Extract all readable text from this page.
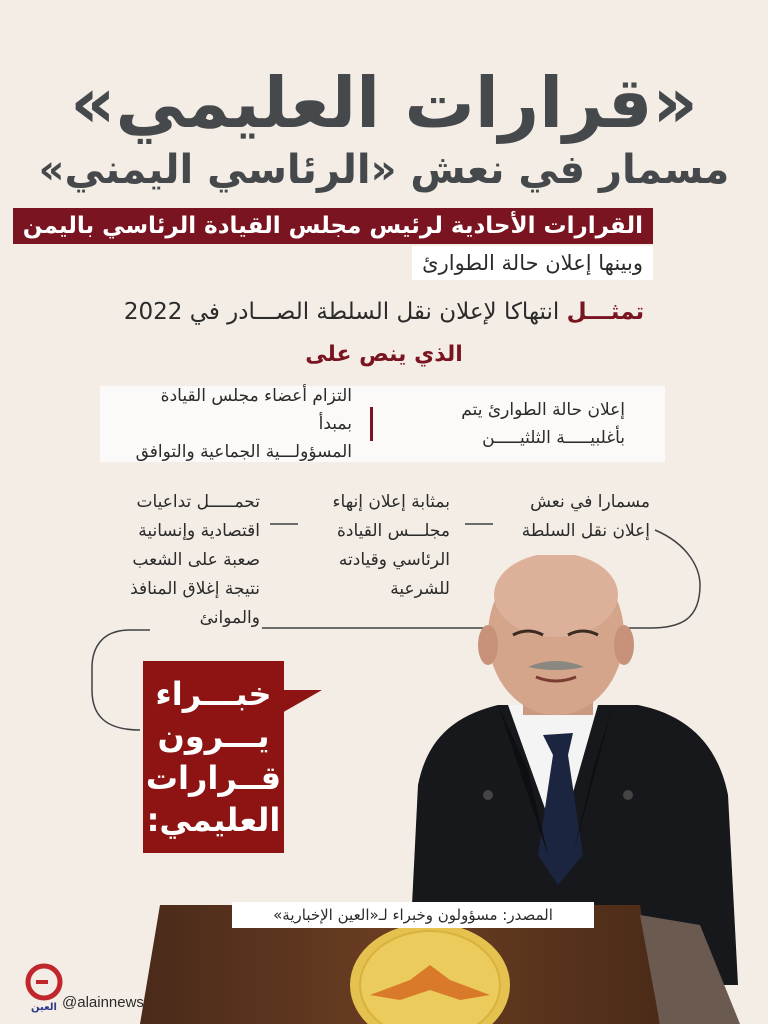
«قرارات العليمي»
مسمار في نعش «الرئاسي اليمني»
القرارات الأحادية لرئيس مجلس القيادة الرئاسي باليمن
وبينها إعلان حالة الطوارئ
تمثـــل انتهاكا لإعلان نقل السلطة الصـــادر في 2022
الذي ينص على
إعلان حالة الطوارئ يتم
بأغلبيـــــة الثلثيـــــن
التزام أعضاء مجلس القيادة بمبدأ
المسؤولـــية الجماعية والتوافق
مسمارا في نعش
إعلان نقل السلطة
بمثابة إعلان إنهاء
مجلـــس القيادة
الرئاسي وقيادته
للشرعية
تحمـــــل تداعيات
اقتصادية وإنسانية
صعبة على الشعب
نتيجة إغلاق المنافذ
والموانئ
خبـــراء
يـــرون
قــرارات
العليمي:
المصدر: مسؤولون وخبراء لـ«العين الإخبارية»
العين @alainnews
